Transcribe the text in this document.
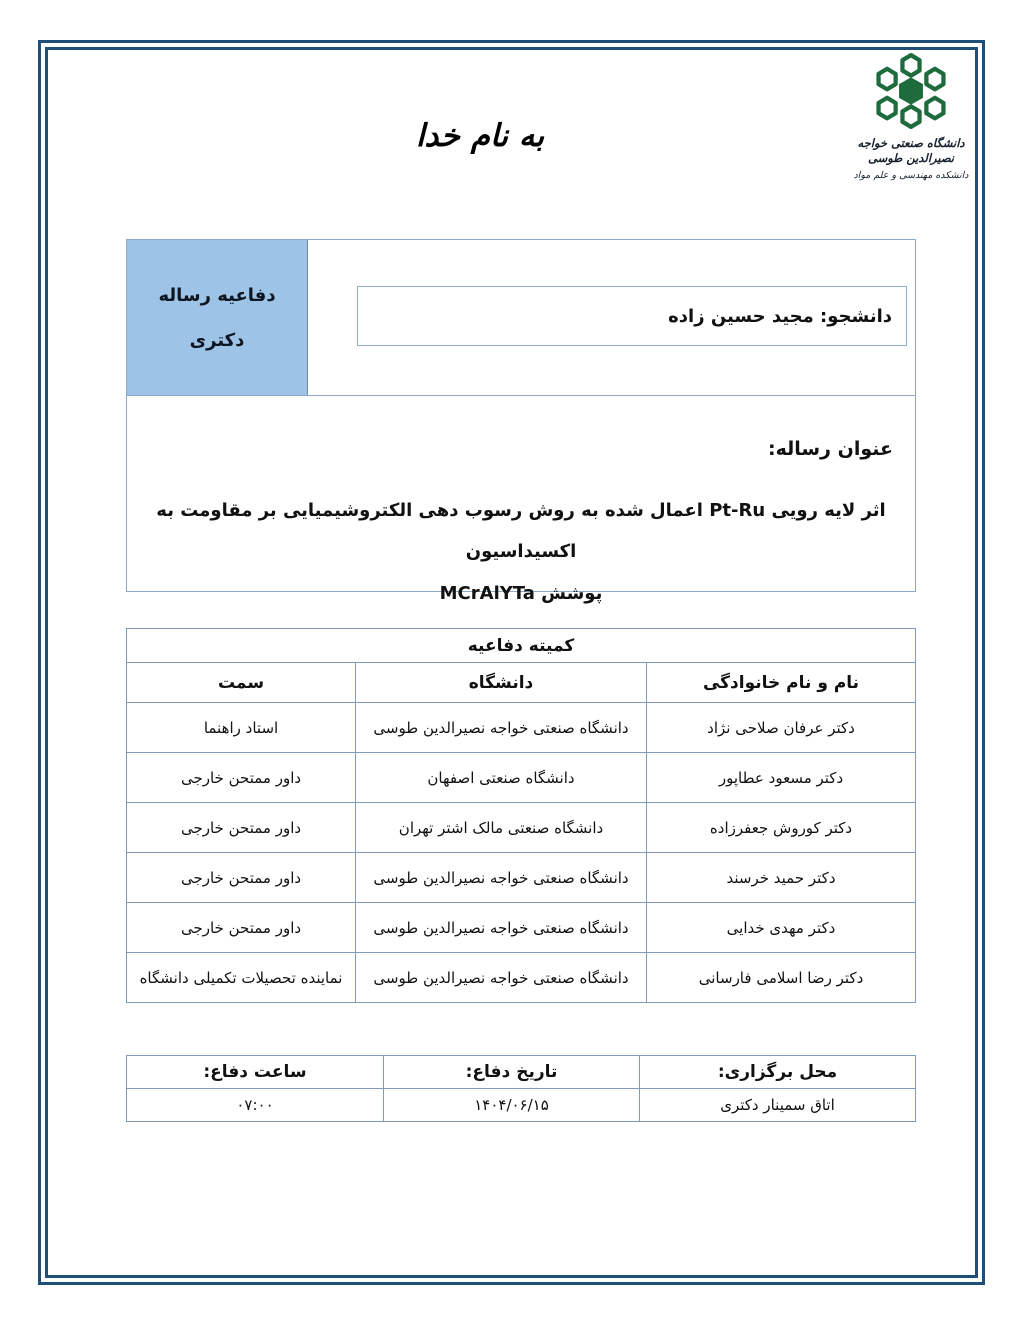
دانشگاه صنعتی خواجه نصیرالدین طوسی
دانشکده مهندسی و علم مواد
به نام خدا
دفاعیه رساله
دکتری
دانشجو: مجید حسین زاده
عنوان رساله:
اثر لایه رویی Pt-Ru اعمال شده به روش رسوب دهی الکتروشیمیایی بر مقاومت به اکسیداسیون
پوشش MCrAlYTa
کمیته دفاعیه
نام و نام خانوادگی
دانشگاه
سمت
دکتر عرفان صلاحی نژاد
دانشگاه صنعتی خواجه نصیرالدین طوسی
استاد راهنما
دکتر مسعود عطاپور
دانشگاه صنعتی اصفهان
داور ممتحن خارجی
دکتر کوروش جعفرزاده
دانشگاه صنعتی مالک اشتر تهران
داور ممتحن خارجی
دکتر حمید خرسند
دانشگاه صنعتی خواجه نصیرالدین طوسی
داور ممتحن خارجی
دکتر مهدی خدایی
دانشگاه صنعتی خواجه نصیرالدین طوسی
داور ممتحن خارجی
دکتر رضا اسلامی فارسانی
دانشگاه صنعتی خواجه نصیرالدین طوسی
نماینده تحصیلات تکمیلی دانشگاه
محل برگزاری:
تاریخ دفاع:
ساعت دفاع:
اتاق سمینار دکتری
۱۴۰۴/۰۶/۱۵
۰۷:۰۰
